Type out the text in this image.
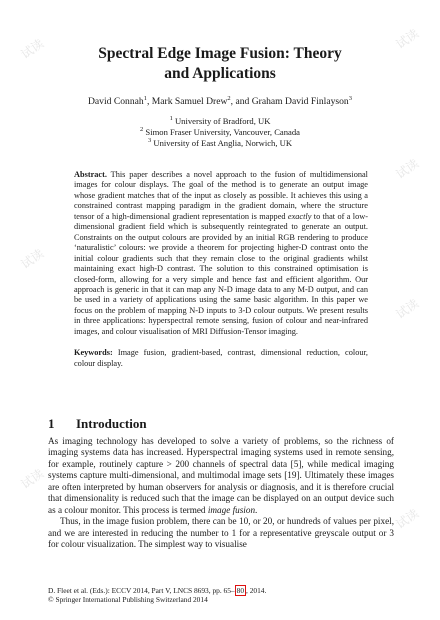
Spectral Edge Image Fusion: Theory
and Applications
David Connah$^1$, Mark Samuel Drew$^2$, and Graham David Finlayson$^3$
$^1$ University of Bradford, UK
$^2$ Simon Fraser University, Vancouver, Canada
$^3$ University of East Anglia, Norwich, UK
Abstract. This paper describes a novel approach to the fusion of multidimensional images for colour displays. The goal of the method is to generate an output image whose gradient matches that of the input as closely as possible. It achieves this using a constrained contrast mapping paradigm in the gradient domain, where the structure tensor of a high-dimensional gradient representation is mapped exactly to that of a low-dimensional gradient field which is subsequently reintegrated to generate an output. Constraints on the output colours are provided by an initial RGB rendering to produce ‘naturalistic’ colours: we provide a theorem for projecting higher-D contrast onto the initial colour gradients such that they remain close to the original gradients whilst maintaining exact high-D contrast. The solution to this constrained optimisation is closed-form, allowing for a very simple and hence fast and efficient algorithm. Our approach is generic in that it can map any N-D image data to any M-D output, and can be used in a variety of applications using the same basic algorithm. In this paper we focus on the problem of mapping N-D inputs to 3-D colour outputs. We present results in three applications: hyperspectral remote sensing, fusion of colour and near-infrared images, and colour visualisation of MRI Diffusion-Tensor imaging.
Keywords: Image fusion, gradient-based, contrast, dimensional reduction, colour, colour display.
1 Introduction

As imaging technology has developed to solve a variety of problems, so the richness of imaging systems data has increased. Hyperspectral imaging systems used in remote sensing, for example, routinely capture > 200 channels of spectral data [5], while medical imaging systems capture multi-dimensional, and multimodal image sets [19]. Ultimately these images are often interpreted by human observers for analysis or diagnosis, and it is therefore crucial that dimensionality is reduced such that the image can be displayed on an output device such as a colour monitor. This process is termed image fusion.

Thus, in the image fusion problem, there can be 10, or 20, or hundreds of values per pixel, and we are interested in reducing the number to 1 for a representative greyscale output or 3 for colour visualization. The simplest way to visualise

D. Fleet et al. (Eds.): ECCV 2014, Part V, LNCS 8693, pp. 65– 80 , 2014.
© Springer International Publishing Switzerland 2014
试读	试读
试读
试读
试读
试读
试读
